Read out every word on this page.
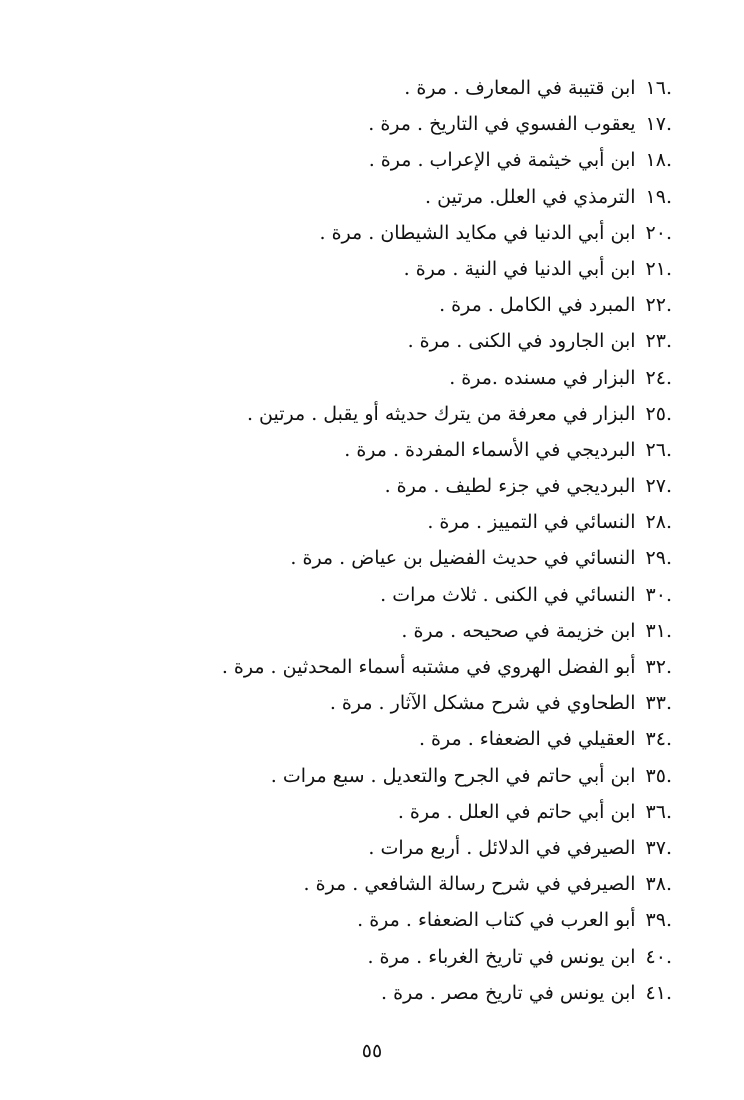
.١٦ابن قتيبة في المعارف . مرة .
.١٧يعقوب الفسوي في التاريخ . مرة .
.١٨ابن أبي خيثمة في الإعراب . مرة .
.١٩الترمذي في العلل. مرتين .
.٢٠ابن أبي الدنيا في مكايد الشيطان . مرة .
.٢١ابن أبي الدنيا في النية . مرة .
.٢٢المبرد في الكامل . مرة .
.٢٣ابن الجارود في الكنى . مرة .
.٢٤البزار في مسنده .مرة .
.٢٥البزار في معرفة من يترك حديثه أو يقبل . مرتين .
.٢٦البرديجي في الأسماء المفردة . مرة .
.٢٧البرديجي في جزء لطيف . مرة .
.٢٨النسائي في التمييز . مرة .
.٢٩النسائي في حديث الفضيل بن عياض . مرة .
.٣٠النسائي في الكنى . ثلاث مرات .
.٣١ابن خزيمة في صحيحه . مرة .
.٣٢أبو الفضل الهروي في مشتبه أسماء المحدثين . مرة .
.٣٣الطحاوي في شرح مشكل الآثار . مرة .
.٣٤العقيلي في الضعفاء . مرة .
.٣٥ابن أبي حاتم في الجرح والتعديل . سبع مرات .
.٣٦ابن أبي حاتم في العلل . مرة .
.٣٧الصيرفي في الدلائل . أربع مرات .
.٣٨الصيرفي في شرح رسالة الشافعي . مرة .
.٣٩أبو العرب في كتاب الضعفاء . مرة .
.٤٠ابن يونس في تاريخ الغرباء . مرة .
.٤١ابن يونس في تاريخ مصر . مرة .
٥٥
